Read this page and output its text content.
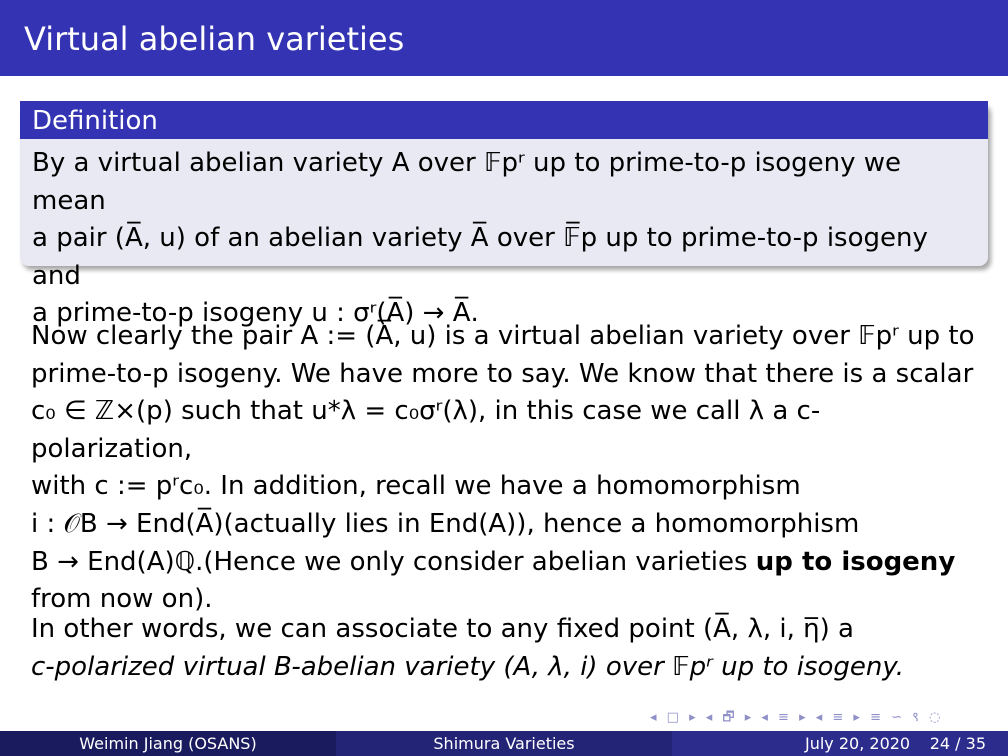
Virtual abelian varieties
Definition
By a virtual abelian variety A over 𝔽pʳ up to prime-to-p isogeny we mean
a pair (A̅, u) of an abelian variety A̅ over 𝔽̅p up to prime-to-p isogeny and
a prime-to-p isogeny u : σʳ(A̅) → A̅.
Now clearly the pair A := (A̅, u) is a virtual abelian variety over 𝔽pʳ up to
prime-to-p isogeny. We have more to say. We know that there is a scalar
c₀ ∈ ℤ×(p) such that u*λ = c₀σʳ(λ), in this case we call λ a c-polarization,
with c := pʳc₀. In addition, recall we have a homomorphism
i : 𝒪B → End(A̅)(actually lies in End(A)), hence a homomorphism
B → End(A)ℚ.(Hence we only consider abelian varieties up to isogeny
from now on).
In other words, we can associate to any fixed point (A̅, λ, i, η̅) a
c-polarized virtual B-abelian variety (A, λ, i) over 𝔽pʳ up to isogeny.
◂ □ ▸ ◂ 🗗 ▸ ◂ ≡ ▸ ◂ ≡ ▸ ≡ ∽ ९ ◌
Weimin Jiang (OSANS)	Shimura Varieties	July 20, 2020 24 / 35
